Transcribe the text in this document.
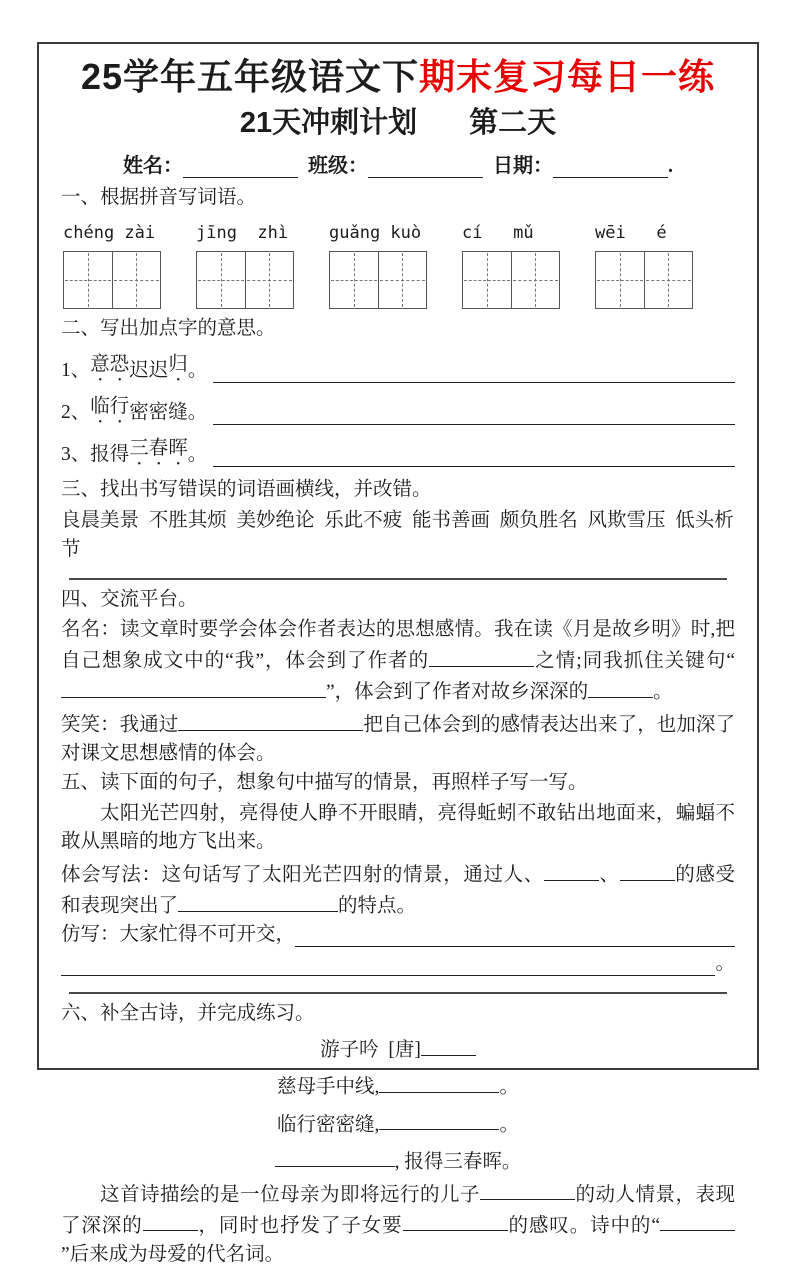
25学年五年级语文下期末复习每日一练
21天冲刺计划 第二天
姓名：	班级：	日期：	.
一、根据拼音写词语。
chéng zài	jīng  zhì	guǎng kuò	cí   mǔ	wēi   é
二、写出加点字的意思。
1、 意恐 迟迟 归 。
2、 临行 密密缝 。
3、 报得 三春晖 。
三、找出书写错误的词语画横线，并改错。
良晨美景  不胜其烦  美妙绝论  乐此不疲  能书善画  颇负胜名  风欺雪压  低头析节
四、交流平台。
名名：读文章时要学会体会作者表达的思想感情。我在读《月是故乡明》时,把自己想象成文中的“我”，体会到了作者的	之情;同我抓住关键句“”，体会到了作者对故乡深深的	。
笑笑：我通过	把自己体会到的感情表达出来了，也加深了对课文思想感情的体会。
五、读下面的句子，想象句中描写的情景，再照样子写一写。
太阳光芒四射，亮得使人睁不开眼睛，亮得蚯蚓不敢钻出地面来，蝙蝠不敢从黑暗的地方飞出来。
体会写法：这句话写了太阳光芒四射的情景，通过人、	、	的感受和表现突出了	的特点。
仿写：大家忙得不可开交，
。
六、补全古诗，并完成练习。
游子吟 [唐]
慈母手中线,	。
临行密密缝,	。
, 报得三春晖。
这首诗描绘的是一位母亲为即将远行的儿子	的动人情景，表现了深深的	，同时也抒发了子女要	的感叹。诗中的“”后来成为母爱的代名词。
